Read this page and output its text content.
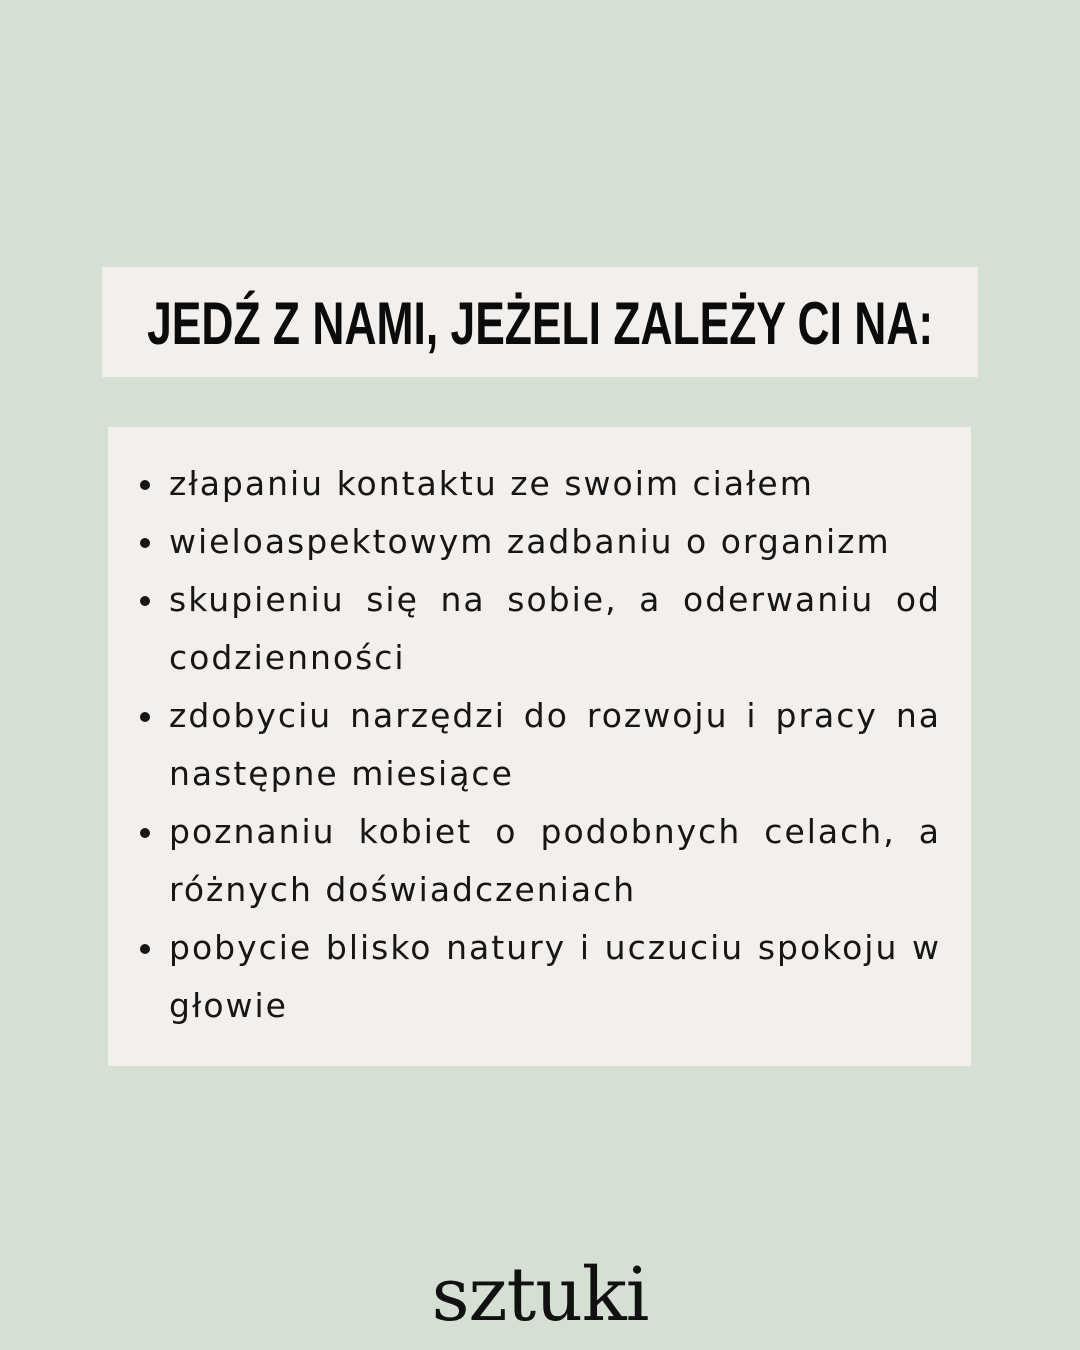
JEDŹ Z NAMI, JEŻELI ZALEŻY CI NA:
złapaniu kontaktu ze swoim ciałem
wieloaspektowym zadbaniu o organizm
skupieniu się na sobie, a oderwaniu od codzienności
zdobyciu narzędzi do rozwoju i pracy na następne miesiące
poznaniu kobiet o podobnych celach, a różnych doświadczeniach
pobycie blisko natury i uczuciu spokoju w głowie
sztuki
